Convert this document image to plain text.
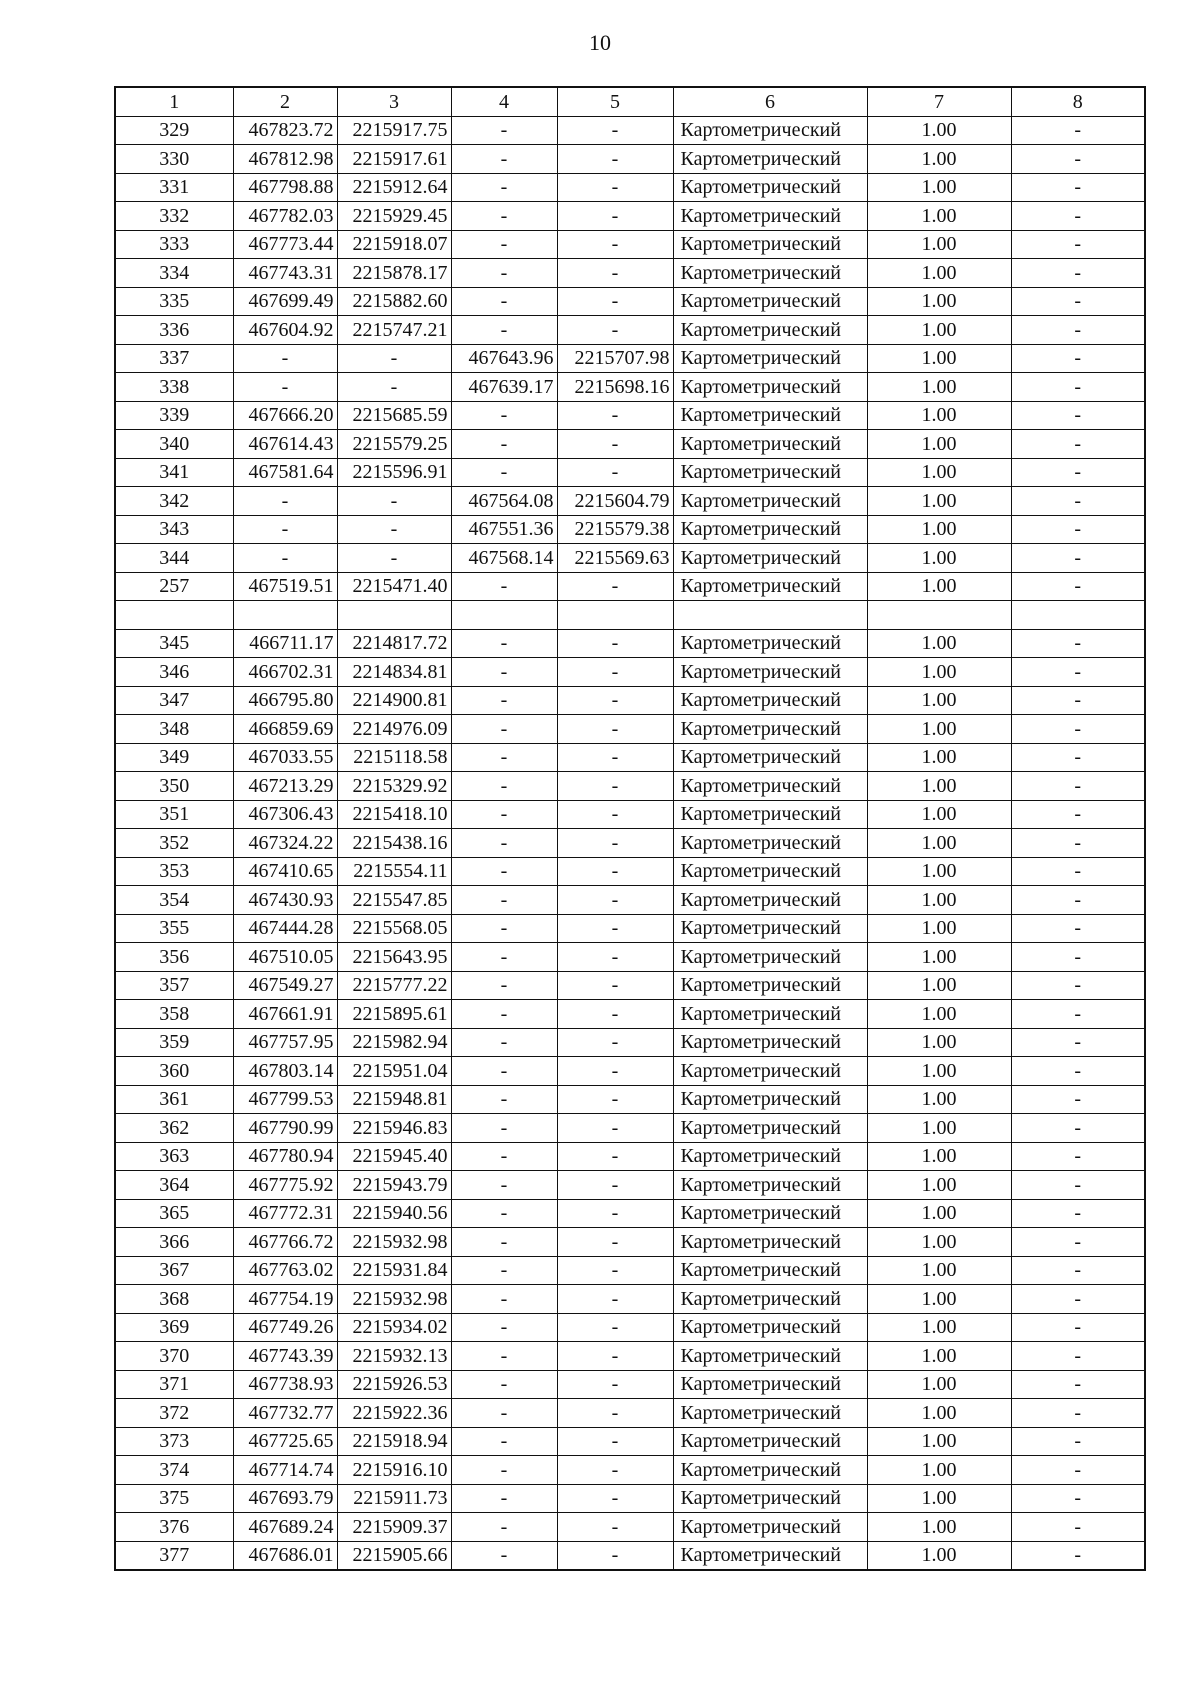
10
1	2	3	4	5	6	7	8
329	467823.72	2215917.75	-	-	Картометрический	1.00	-
330	467812.98	2215917.61	-	-	Картометрический	1.00	-
331	467798.88	2215912.64	-	-	Картометрический	1.00	-
332	467782.03	2215929.45	-	-	Картометрический	1.00	-
333	467773.44	2215918.07	-	-	Картометрический	1.00	-
334	467743.31	2215878.17	-	-	Картометрический	1.00	-
335	467699.49	2215882.60	-	-	Картометрический	1.00	-
336	467604.92	2215747.21	-	-	Картометрический	1.00	-
337	-	-	467643.96	2215707.98	Картометрический	1.00	-
338	-	-	467639.17	2215698.16	Картометрический	1.00	-
339	467666.20	2215685.59	-	-	Картометрический	1.00	-
340	467614.43	2215579.25	-	-	Картометрический	1.00	-
341	467581.64	2215596.91	-	-	Картометрический	1.00	-
342	-	-	467564.08	2215604.79	Картометрический	1.00	-
343	-	-	467551.36	2215579.38	Картометрический	1.00	-
344	-	-	467568.14	2215569.63	Картометрический	1.00	-
257	467519.51	2215471.40	-	-	Картометрический	1.00	-

345	466711.17	2214817.72	-	-	Картометрический	1.00	-
346	466702.31	2214834.81	-	-	Картометрический	1.00	-
347	466795.80	2214900.81	-	-	Картометрический	1.00	-
348	466859.69	2214976.09	-	-	Картометрический	1.00	-
349	467033.55	2215118.58	-	-	Картометрический	1.00	-
350	467213.29	2215329.92	-	-	Картометрический	1.00	-
351	467306.43	2215418.10	-	-	Картометрический	1.00	-
352	467324.22	2215438.16	-	-	Картометрический	1.00	-
353	467410.65	2215554.11	-	-	Картометрический	1.00	-
354	467430.93	2215547.85	-	-	Картометрический	1.00	-
355	467444.28	2215568.05	-	-	Картометрический	1.00	-
356	467510.05	2215643.95	-	-	Картометрический	1.00	-
357	467549.27	2215777.22	-	-	Картометрический	1.00	-
358	467661.91	2215895.61	-	-	Картометрический	1.00	-
359	467757.95	2215982.94	-	-	Картометрический	1.00	-
360	467803.14	2215951.04	-	-	Картометрический	1.00	-
361	467799.53	2215948.81	-	-	Картометрический	1.00	-
362	467790.99	2215946.83	-	-	Картометрический	1.00	-
363	467780.94	2215945.40	-	-	Картометрический	1.00	-
364	467775.92	2215943.79	-	-	Картометрический	1.00	-
365	467772.31	2215940.56	-	-	Картометрический	1.00	-
366	467766.72	2215932.98	-	-	Картометрический	1.00	-
367	467763.02	2215931.84	-	-	Картометрический	1.00	-
368	467754.19	2215932.98	-	-	Картометрический	1.00	-
369	467749.26	2215934.02	-	-	Картометрический	1.00	-
370	467743.39	2215932.13	-	-	Картометрический	1.00	-
371	467738.93	2215926.53	-	-	Картометрический	1.00	-
372	467732.77	2215922.36	-	-	Картометрический	1.00	-
373	467725.65	2215918.94	-	-	Картометрический	1.00	-
374	467714.74	2215916.10	-	-	Картометрический	1.00	-
375	467693.79	2215911.73	-	-	Картометрический	1.00	-
376	467689.24	2215909.37	-	-	Картометрический	1.00	-
377	467686.01	2215905.66	-	-	Картометрический	1.00	-
